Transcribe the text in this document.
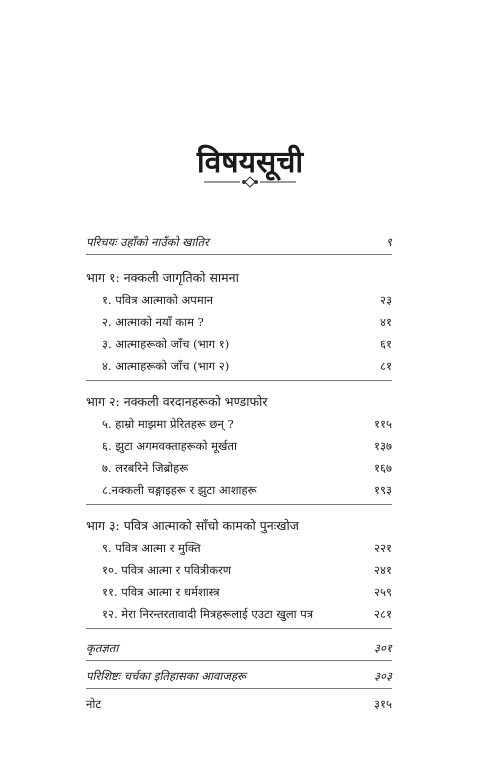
विषयसूची
परिचयः उहाँको नाउँको खातिर	९
भाग १: नक्कली जागृतिको सामना
१. पवित्र आत्माको अपमान	२३
२. आत्माको नयाँ काम ?	४१
३. आत्माहरूको जाँच (भाग १)	६१
४. आत्माहरूको जाँच (भाग २)	८१
भाग २: नक्कली वरदानहरूको भण्डाफोर
५. हाम्रो माझमा प्रेरितहरू छन् ?	११५
६. झुटा अगमवक्ताहरूको मूर्खता	१३७
७. लरबरिने जिब्रोहरू	१६७
८.नक्कली चङ्गाइहरू र झुटा आशाहरू	१९३
भाग ३: पवित्र आत्माको साँचो कामको पुनःखोज
९. पवित्र आत्मा र मुक्ति	२२१
१०. पवित्र आत्मा र पवित्रीकरण	२४१
११. पवित्र आत्मा र धर्मशास्त्र	२५९
१२. मेरा निरन्तरतावादी मित्रहरूलाई एउटा खुला पत्र	२८१
कृतज्ञता	३०१
परिशिष्टः चर्चका इतिहासका आवाजहरू	३०३
नोट	३१५
